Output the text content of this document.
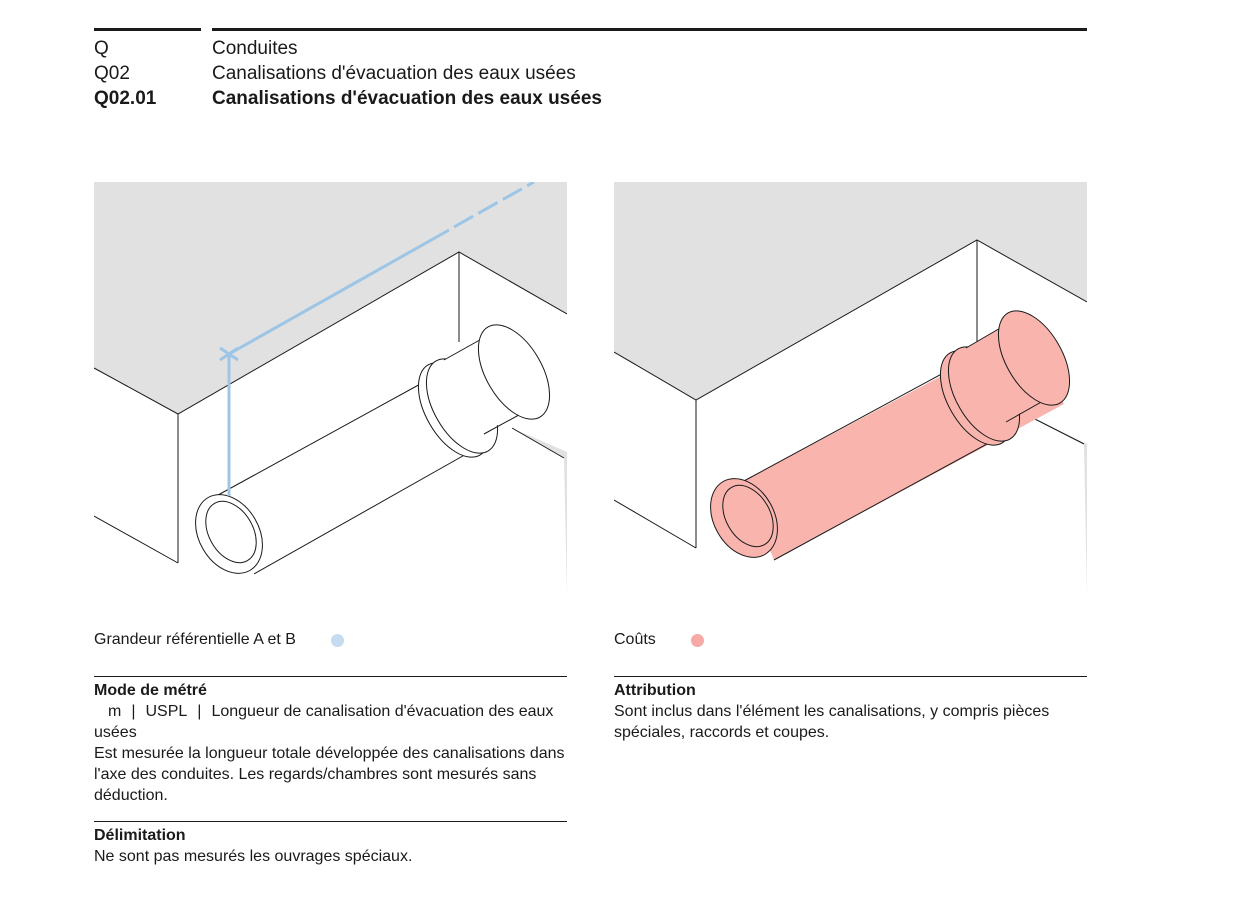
Q	Conduites
Q02	Canalisations d'évacuation des eaux usées
Q02.01	Canalisations d'évacuation des eaux usées
Grandeur référentielle A et B	Coûts
Mode de métré

m | USPL | Longueur de canalisation d'évacuation des eaux usées

Est mesurée la longueur totale développée des canalisations dans l'axe des conduites. Les regards/chambres sont mesurés sans déduction.

Délimitation

Ne sont pas mesurés les ouvrages spéciaux.

Attribution

Sont inclus dans l'élément les canalisations, y compris pièces spéciales, raccords et coupes.
